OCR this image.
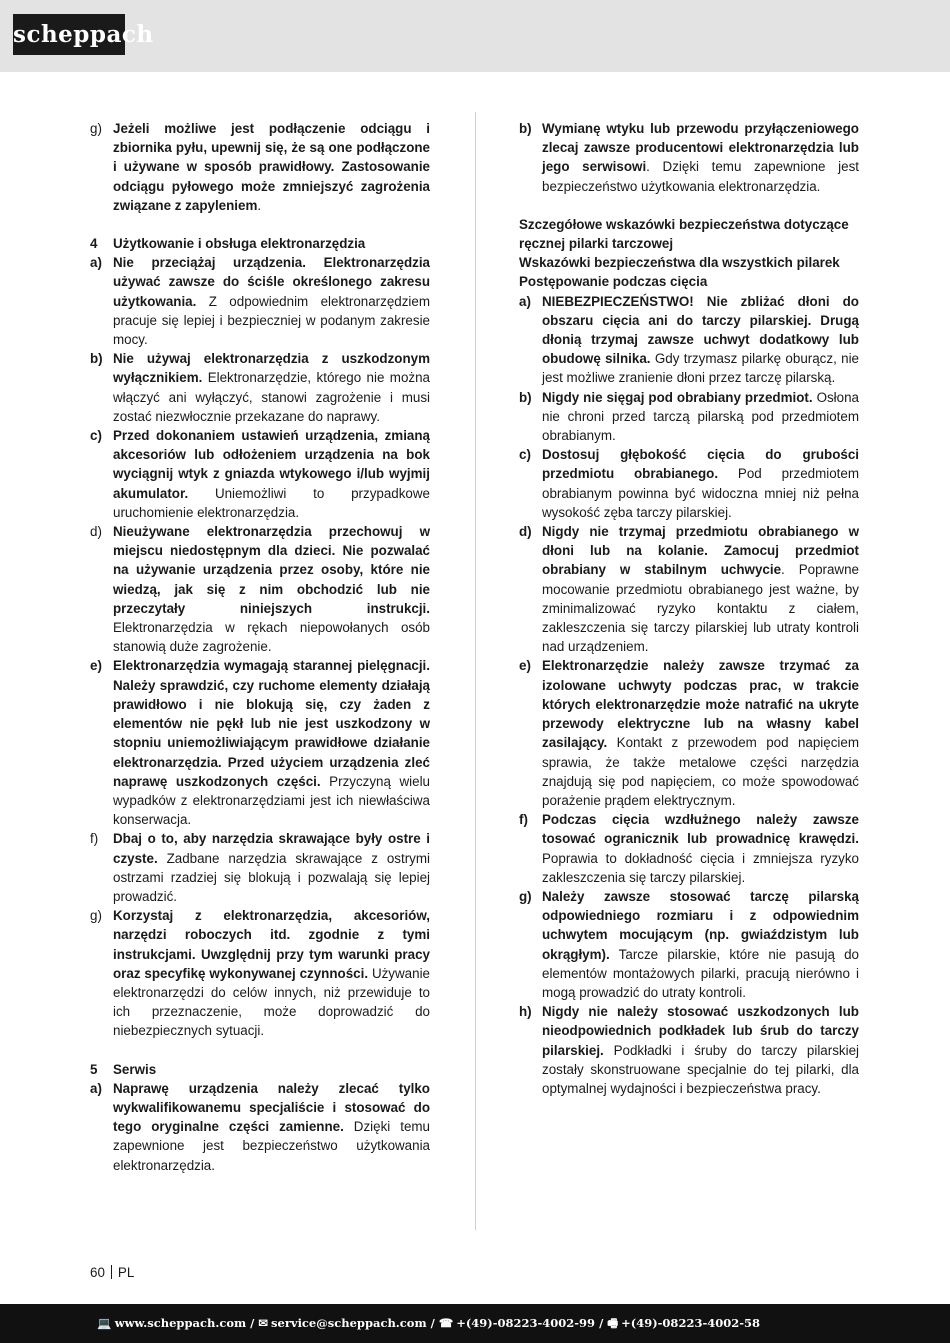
scheppach
g) Jeżeli możliwe jest podłączenie odciągu i zbiornika pyłu, upewnij się, że są one podłączone i używane w sposób prawidłowy. Zastosowanie odciągu pyłowego może zmniejszyć zagrożenia związane z zapyleniem.
4	Użytkowanie i obsługa elektronarzędzia
a) Nie przeciążaj urządzenia. Elektronarzędzia używać zawsze do ściśle określonego zakresu użytkowania. Z odpowiednim elektronarzędziem pracuje się lepiej i bezpieczniej w podanym zakresie mocy.
b) Nie używaj elektronarzędzia z uszkodzonym wyłącznikiem. Elektronarzędzie, którego nie można włączyć ani wyłączyć, stanowi zagrożenie i musi zostać niezwłocznie przekazane do naprawy.
c) Przed dokonaniem ustawień urządzenia, zmianą akcesoriów lub odłożeniem urządzenia na bok wyciągnij wtyk z gniazda wtykowego i/lub wyjmij akumulator. Uniemożliwi to przypadkowe uruchomienie elektronarzędzia.
d) Nieużywane elektronarzędzia przechowuj w miejscu niedostępnym dla dzieci. Nie pozwalać na używanie urządzenia przez osoby, które nie wiedzą, jak się z nim obchodzić lub nie przeczytały niniejszych instrukcji. Elektronarzędzia w rękach niepowołanych osób stanowią duże zagrożenie.
e) Elektronarzędzia wymagają starannej pielęgnacji. Należy sprawdzić, czy ruchome elementy działają prawidłowo i nie blokują się, czy żaden z elementów nie pękł lub nie jest uszkodzony w stopniu uniemożliwiającym prawidłowe działanie elektronarzędzia. Przed użyciem urządzenia zleć naprawę uszkodzonych części. Przyczyną wielu wypadków z elektronarzędziami jest ich niewłaściwa konserwacja.
f)	Dbaj o to, aby narzędzia skrawające były ostre i czyste. Zadbane narzędzia skrawające z ostrymi ostrzami rzadziej się blokują i pozwalają się lepiej prowadzić.
g) Korzystaj z elektronarzędzia, akcesoriów, narzędzi roboczych itd. zgodnie z tymi instrukcjami. Uwzględnij przy tym warunki pracy oraz specyfikę wykonywanej czynności. Używanie elektronarzędzi do celów innych, niż przewiduje to ich przeznaczenie, może doprowadzić do niebezpiecznych sytuacji.
5	Serwis
a) Naprawę urządzenia należy zlecać tylko wykwalifikowanemu specjaliście i stosować do tego oryginalne części zamienne. Dzięki temu zapewnione jest bezpieczeństwo użytkowania elektronarzędzia.
b) Wymianę wtyku lub przewodu przyłączeniowego zlecaj zawsze producentowi elektronarzędzia lub jego serwisowi. Dzięki temu zapewnione jest bezpieczeństwo użytkowania elektronarzędzia.
Szczegółowe wskazówki bezpieczeństwa dotyczące ręcznej pilarki tarczowej
Wskazówki bezpieczeństwa dla wszystkich pilarek
Postępowanie podczas cięcia
a) NIEBEZPIECZEŃSTWO! Nie zbliżać dłoni do obszaru cięcia ani do tarczy pilarskiej. Drugą dłonią trzymaj zawsze uchwyt dodatkowy lub obudowę silnika. Gdy trzymasz pilarkę oburącz, nie jest możliwe zranienie dłoni przez tarczę pilarską.
b) Nigdy nie sięgaj pod obrabiany przedmiot. Osłona nie chroni przed tarczą pilarską pod przedmiotem obrabianym.
c) Dostosuj głębokość cięcia do grubości przedmiotu obrabianego. Pod przedmiotem obrabianym powinna być widoczna mniej niż pełna wysokość zęba tarczy pilarskiej.
d) Nigdy nie trzymaj przedmiotu obrabianego w dłoni lub na kolanie. Zamocuj przedmiot obrabiany w stabilnym uchwycie. Poprawne mocowanie przedmiotu obrabianego jest ważne, by zminimalizować ryzyko kontaktu z ciałem, zakleszczenia się tarczy pilarskiej lub utraty kontroli nad urządzeniem.
e) Elektronarzędzie należy zawsze trzymać za izolowane uchwyty podczas prac, w trakcie których elektronarzędzie może natrafić na ukryte przewody elektryczne lub na własny kabel zasilający. Kontakt z przewodem pod napięciem sprawia, że także metalowe części narzędzia znajdują się pod napięciem, co może spowodować porażenie prądem elektrycznym.
f)	Podczas cięcia wzdłużnego należy zawsze tosować ogranicznik lub prowadnicę krawędzi. Poprawia to dokładność cięcia i zmniejsza ryzyko zakleszczenia się tarczy pilarskiej.
g) Należy zawsze stosować tarczę pilarską odpowiedniego rozmiaru i z odpowiednim uchwytem mocującym (np. gwiaździstym lub okrągłym). Tarcze pilarskie, które nie pasują do elementów montażowych pilarki, pracują nierówno i mogą prowadzić do utraty kontroli.
h) Nigdy nie należy stosować uszkodzonych lub nieodpowiednich podkładek lub śrub do tarczy pilarskiej. Podkładki i śruby do tarczy pilarskiej zostały skonstruowane specjalnie do tej pilarki, dla optymalnej wydajności i bezpieczeństwa pracy.
60 PL
💻 www.scheppach.com / ✉ service@scheppach.com / ☎ +(49)-08223-4002-99 / 🖷 +(49)-08223-4002-58
